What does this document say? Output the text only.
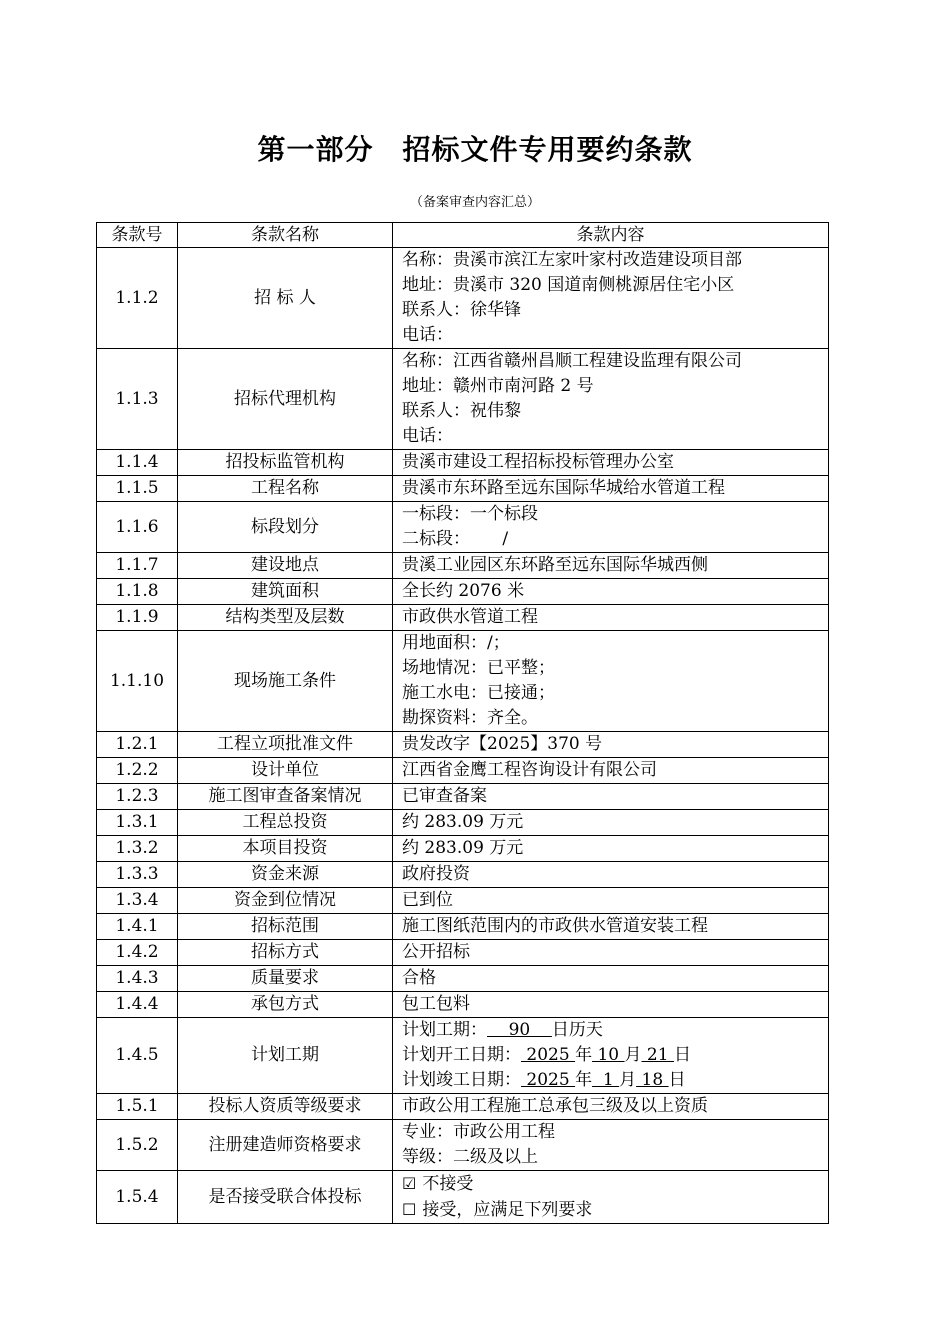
第一部分　招标文件专用要约条款
（备案审查内容汇总）
条款号	条款名称	条款内容
1.1.2	招 标 人	名称：贵溪市滨江左家叶家村改造建设项目部
地址：贵溪市 320 国道南侧桃源居住宅小区
联系人：徐华锋
电话：

1.1.3	招标代理机构	名称：江西省赣州昌顺工程建设监理有限公司
地址：赣州市南河路 2 号
联系人：祝伟黎
电话：

1.1.4	招投标监管机构	贵溪市建设工程招标投标管理办公室

1.1.5	工程名称	贵溪市东环路至远东国际华城给水管道工程

1.1.6	标段划分	一标段：一个标段
二标段：      /

1.1.7	建设地点	贵溪工业园区东环路至远东国际华城西侧

1.1.8	建筑面积	全长约 2076 米

1.1.9	结构类型及层数	市政供水管道工程

1.1.10	现场施工条件	用地面积：/；
场地情况：已平整；
施工水电：已接通；
勘探资料：齐全。

1.2.1	工程立项批准文件	贵发改字【2025】370 号

1.2.2	设计单位	江西省金鹰工程咨询设计有限公司

1.2.3	施工图审查备案情况	已审查备案

1.3.1	工程总投资	约 283.09 万元

1.3.2	本项目投资	约 283.09 万元

1.3.3	资金来源	政府投资

1.3.4	资金到位情况	已到位

1.4.1	招标范围	施工图纸范围内的市政供水管道安装工程

1.4.2	招标方式	公开招标

1.4.3	质量要求	合格

1.4.4	承包方式	包工包料

1.4.5	计划工期	计划工期：    90    日历天
计划开工日期： 2025 年 10 月 21 日
计划竣工日期： 2025 年  1 月 18 日

1.5.1	投标人资质等级要求	市政公用工程施工总承包三级及以上资质

1.5.2	注册建造师资格要求	专业：市政公用工程
等级：二级及以上

1.5.4	是否接受联合体投标	☑ 不接受
☐ 接受，应满足下列要求
